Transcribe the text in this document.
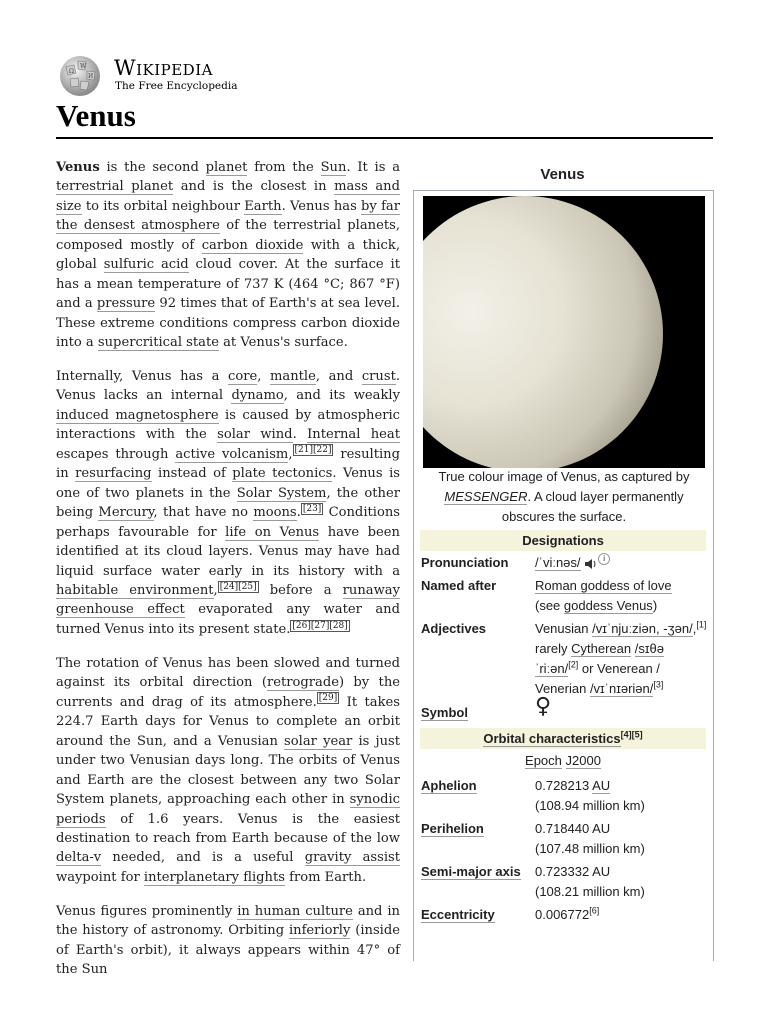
Ω
W
И Wikipedia
The Free Encyclopedia
Venus

Venus is the second planet from the Sun. It is a terrestrial planet and is the closest in mass and size to its orbital neighbour Earth. Venus has by far the densest atmosphere of the terrestrial planets, composed mostly of carbon dioxide with a thick, global sulfuric acid cloud cover. At the surface it has a mean temperature of 737 K (464 °C; 867 °F) and a pressure 92 times that of Earth's at sea level. These extreme conditions compress carbon dioxide into a supercritical state at Venus's surface.

Internally, Venus has a core, mantle, and crust. Venus lacks an internal dynamo, and its weakly induced magnetosphere is caused by atmospheric interactions with the solar wind. Internal heat escapes through active volcanism, [21][22] resulting in resurfacing instead of plate tectonics. Venus is one of two planets in the Solar System, the other being Mercury, that have no moons. [23] Conditions perhaps favourable for life on Venus have been identified at its cloud layers. Venus may have had liquid surface water early in its history with a habitable environment, [24][25] before a runaway greenhouse effect evaporated any water and turned Venus into its present state. [26][27][28]

The rotation of Venus has been slowed and turned against its orbital direction (retrograde) by the currents and drag of its atmosphere. [29] It takes 224.7 Earth days for Venus to complete an orbit around the Sun, and a Venusian solar year is just under two Venusian days long. The orbits of Venus and Earth are the closest between any two Solar System planets, approaching each other in synodic periods of 1.6 years. Venus is the easiest destination to reach from Earth because of the low delta-v needed, and is a useful gravity assist waypoint for interplanetary flights from Earth.

Venus figures prominently in human culture and in the history of astronomy. Orbiting inferiorly (inside of Earth's orbit), it always appears within 47° of the Sun

Venus
True colour image of Venus, as captured by MESSENGER. A cloud layer permanently obscures the surface.
Designations
Pronunciation /ˈviːnəs/	i
Named after	Roman goddess of love
(see goddess Venus)
Adjectives	Venusian /vɪˈnjuːziən, -ʒən/,[1] rarely Cytherean /sɪθəˈriːən/[2] or Venerean / Venerian /vɪˈnɪəriən/[3]
Symbol	♀
Orbital characteristics[4][5]
Epoch J2000
Aphelion	0.728213 AU
(108.94 million km)
Perihelion	0.718440 AU
(107.48 million km)
Semi-major axis 0.723332 AU
(108.21 million km)
Eccentricity	0.006772[6]
